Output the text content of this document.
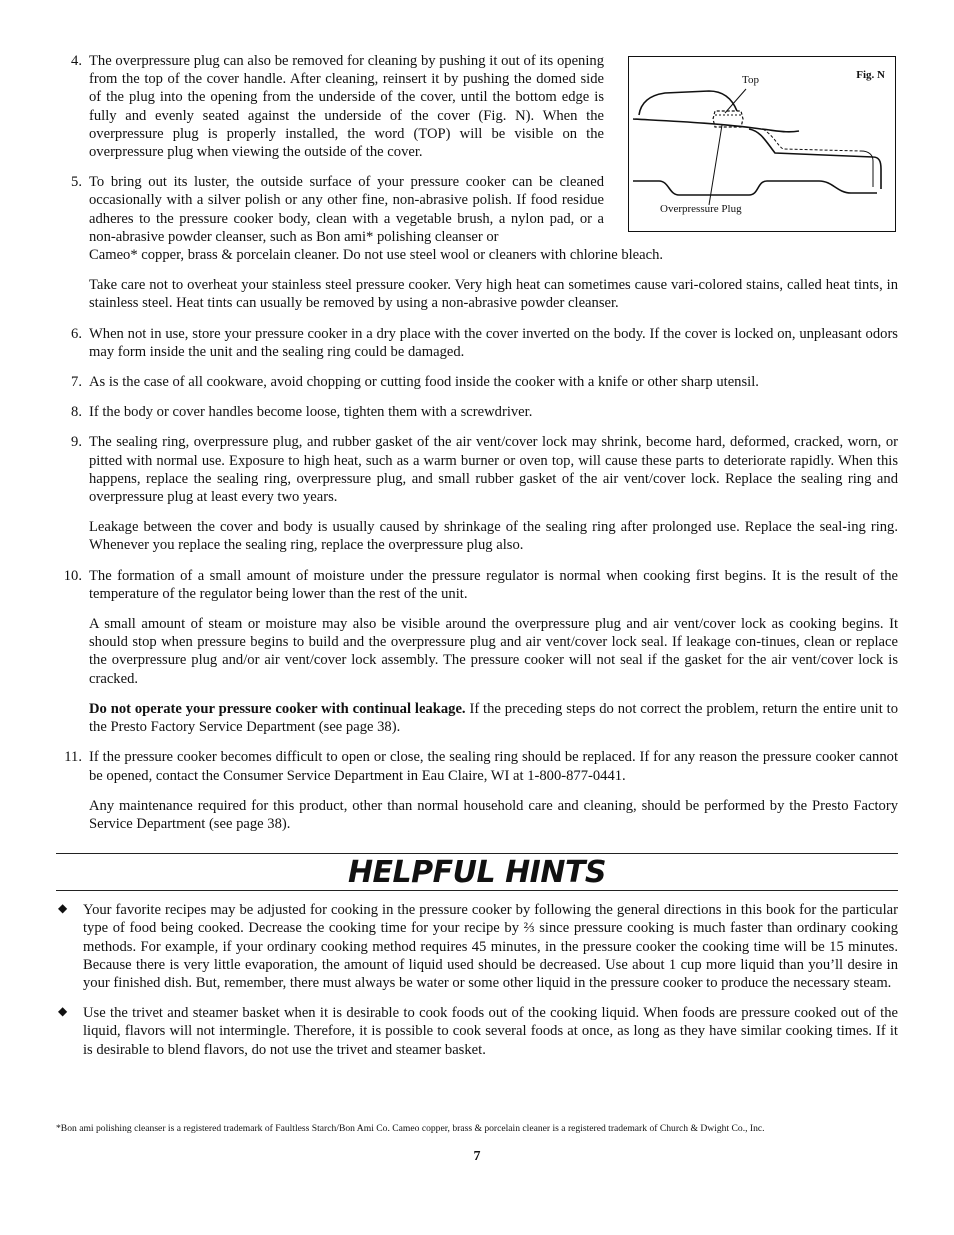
Fig. N
Top
Overpressure Plug
4. The overpressure plug can also be removed for cleaning by pushing it out of its opening from the top of the cover handle. After cleaning, reinsert it by pushing the domed side of the plug into the opening from the underside of the cover, until the bottom edge is fully and evenly seated against the underside of the cover (Fig. N). When the overpressure plug is properly installed, the word (TOP) will be visible on the overpressure plug when viewing the outside of the cover.

5. To bring out its luster, the outside surface of your pressure cooker can be cleaned occasionally with a silver polish or any other fine, non-abrasive polish. If food residue adheres to the pressure cooker body, clean with a vegetable brush, a nylon pad, or a non-abrasive powder cleanser, such as Bon ami* polishing cleanser or

Cameo* copper, brass & porcelain cleaner. Do not use steel wool or cleaners with chlorine bleach.

Take care not to overheat your stainless steel pressure cooker. Very high heat can sometimes cause vari-colored stains, called heat tints, in stainless steel. Heat tints can usually be removed by using a non-abrasive powder cleanser.

6. When not in use, store your pressure cooker in a dry place with the cover inverted on the body. If the cover is locked on, unpleasant odors may form inside the unit and the sealing ring could be damaged.

7. As is the case of all cookware, avoid chopping or cutting food inside the cooker with a knife or other sharp utensil.

8. If the body or cover handles become loose, tighten them with a screwdriver.

9. The sealing ring, overpressure plug, and rubber gasket of the air vent/cover lock may shrink, become hard, deformed, cracked, worn, or pitted with normal use. Exposure to high heat, such as a warm burner or oven top, will cause these parts to deteriorate rapidly. When this happens, replace the sealing ring, overpressure plug, and small rubber gasket of the air vent/cover lock. Replace the sealing ring and overpressure plug at least every two years.

Leakage between the cover and body is usually caused by shrinkage of the sealing ring after prolonged use. Replace the seal-ing ring. Whenever you replace the sealing ring, replace the overpressure plug also.

10. The formation of a small amount of moisture under the pressure regulator is normal when cooking first begins. It is the result of the temperature of the regulator being lower than the rest of the unit.

A small amount of steam or moisture may also be visible around the overpressure plug and air vent/cover lock as cooking begins. It should stop when pressure begins to build and the overpressure plug and air vent/cover lock seal. If leakage con-tinues, clean or replace the overpressure plug and/or air vent/cover lock assembly. The pressure cooker will not seal if the gasket for the air vent/cover lock is cracked.

Do not operate your pressure cooker with continual leakage. If the preceding steps do not correct the problem, return the entire unit to the Presto Factory Service Department (see page 38).

11. If the pressure cooker becomes difficult to open or close, the sealing ring should be replaced. If for any reason the pressure cooker cannot be opened, contact the Consumer Service Department in Eau Claire, WI at 1-800-877-0441.

Any maintenance required for this product, other than normal household care and cleaning, should be performed by the Presto Factory Service Department (see page 38).

HELPFUL HINTS
◆ Your favorite recipes may be adjusted for cooking in the pressure cooker by following the general directions in this book for the particular type of food being cooked. Decrease the cooking time for your recipe by ⅔ since pressure cooking is much faster than ordinary cooking methods. For example, if your ordinary cooking method requires 45 minutes, in the pressure cooker the cooking time will be 15 minutes. Because there is very little evaporation, the amount of liquid used should be decreased. Use about 1 cup more liquid than you’ll desire in your finished dish. But, remember, there must always be water or some other liquid in the pressure cooker to produce the necessary steam.

◆ Use the trivet and steamer basket when it is desirable to cook foods out of the cooking liquid. When foods are pressure cooked out of the liquid, flavors will not intermingle. Therefore, it is possible to cook several foods at once, as long as they have similar cooking times. If it is desirable to blend flavors, do not use the trivet and steamer basket.

*Bon ami polishing cleanser is a registered trademark of Faultless Starch/Bon Ami Co. Cameo copper, brass & porcelain cleaner is a registered trademark of Church & Dwight Co., Inc.
7
